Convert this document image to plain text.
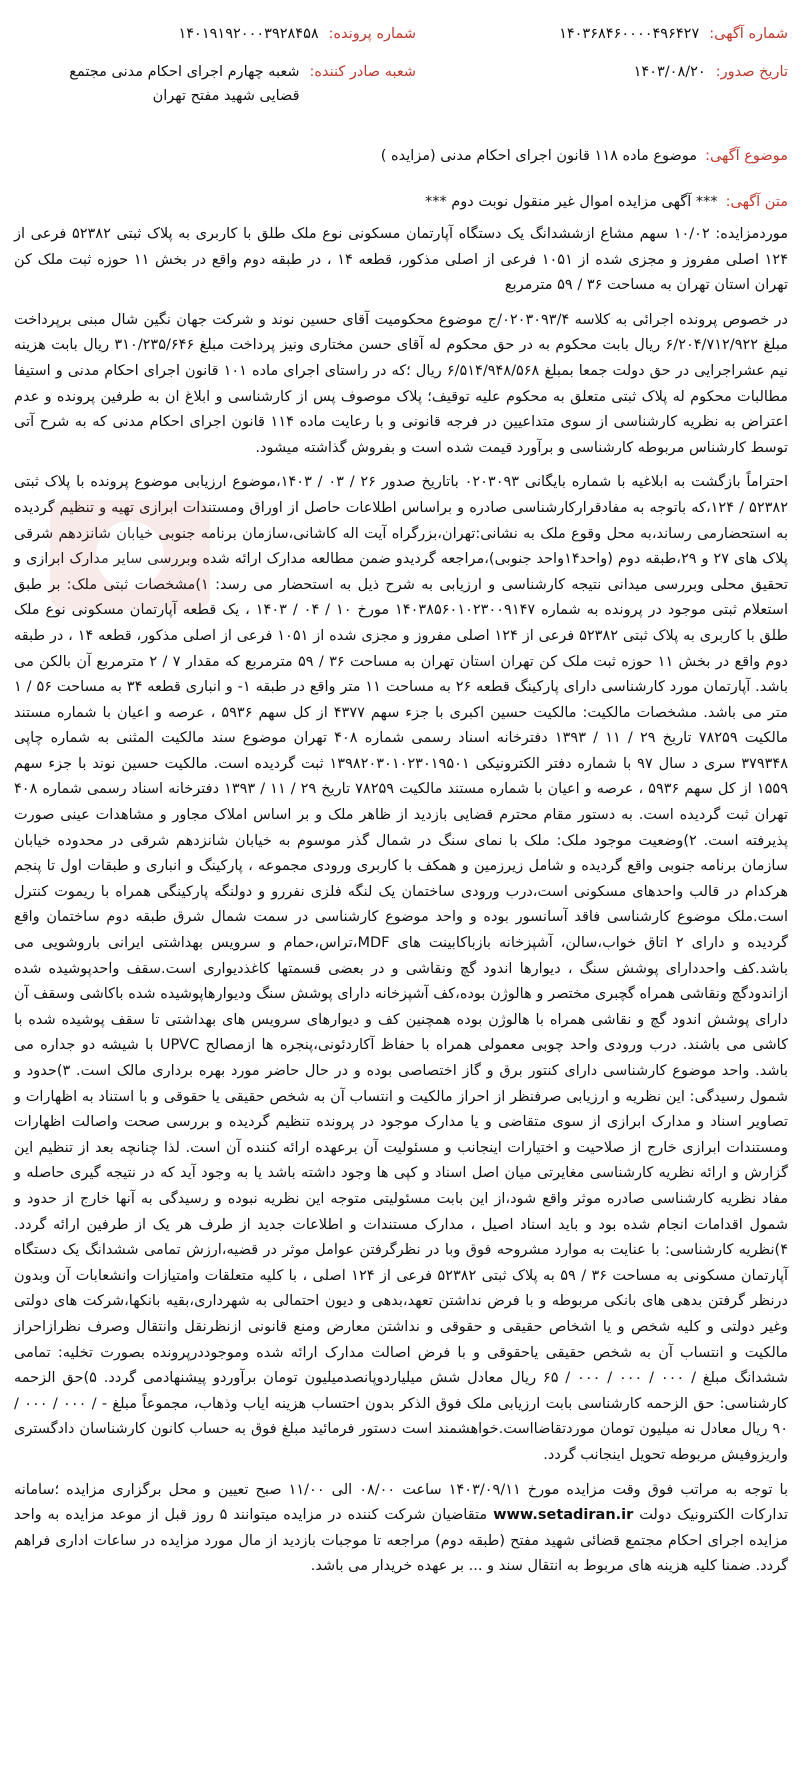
شماره آگهی:
۱۴۰۳۶۸۴۶۰۰۰۰۴۹۶۴۲۷
شماره پرونده:
۱۴۰۱۹۱۹۲۰۰۰۳۹۲۸۴۵۸
تاریخ صدور:
۱۴۰۳/۰۸/۲۰
شعبه صادر کننده:
شعبه چهارم اجرای احکام مدنی مجتمع قضایی شهید مفتح تهران
موضوع آگهی:
موضوع ماده ۱۱۸ قانون اجرای احکام مدنی (مزایده )
متن آگهی:
*** آگهی مزایده اموال غیر منقول نوبت دوم ***

موردمزایده: ۱۰/۰۲ سهم مشاع ازششدانگ یک دستگاه آپارتمان مسکونی نوع ملک طلق با کاربری به پلاک ثبتی ۵۲۳۸۲ فرعی از ۱۲۴ اصلی مفروز و مجزی شده از ۱۰۵۱ فرعی از اصلی مذکور، قطعه ۱۴ ، در طبقه دوم واقع در بخش ۱۱ حوزه ثبت ملک کن تهران استان تهران به مساحت ۳۶ / ۵۹ مترمربع

در خصوص پرونده اجرائی به کلاسه ۰۲۰۳۰۹۳/۴/ج موضوع محکومیت آقای حسین نوند و شرکت جهان نگین شال مبنی برپرداخت مبلغ ۶/۲۰۴/۷۱۲/۹۲۲ ریال بابت محکوم به در حق محکوم له آقای حسن مختاری ونیز پرداخت مبلغ ۳۱۰/۲۳۵/۶۴۶ ریال بابت هزینه نیم عشراجرایی در حق دولت جمعا بمبلغ ۶/۵۱۴/۹۴۸/۵۶۸ ریال ؛که در راستای اجرای ماده ۱۰۱ قانون اجرای احکام مدنی و استیفا مطالبات محکوم له پلاک ثبتی متعلق به محکوم علیه توقیف؛ پلاک موصوف پس از کارشناسی و ابلاغ ان به طرفین پرونده و عدم اعتراض به نظریه کارشناسی از سوی متداعیین در فرجه قانونی و با رعایت ماده ۱۱۴ قانون اجرای احکام مدنی که به شرح آتی توسط کارشناس مربوطه کارشناسی و برآورد قیمت شده است و بفروش گذاشته میشود.

احتراماً بازگشت به ابلاغیه با شماره بایگانی ۰۲۰۳۰۹۳ باتاریخ صدور ۲۶ / ۰۳ / ۱۴۰۳،موضوع ارزیابی موضوع پرونده با پلاک ثبتی ۵۲۳۸۲ / ۱۲۴،که باتوجه به مفادقرارکارشناسی صادره و براساس اطلاعات حاصل از اوراق ومستندات ابرازی تهیه و تنظیم گردیده به استحضارمی رساند،به محل وقوع ملک به نشانی:تهران،بزرگراه آیت اله کاشانی،سازمان برنامه جنوبی خیابان شانزدهم شرقی پلاک های ۲۷ و ۲۹،طبقه دوم (واحد۱۴واحد جنوبی)،مراجعه گردیدو ضمن مطالعه مدارک ارائه شده وبررسی سایر مدارک ابرازی و تحقیق محلی وبررسی میدانی نتیجه کارشناسی و ارزیابی به شرح ذیل به استحضار می رسد: ۱)مشخصات ثبتی ملک: بر طبق استعلام ثبتی موجود در پرونده به شماره ۱۴۰۳۸۵۶۰۱۰۲۳۰۰۹۱۴۷ مورخ ۱۰ / ۰۴ / ۱۴۰۳ ، یک قطعه آپارتمان مسکونی نوع ملک طلق با کاربری به پلاک ثبتی ۵۲۳۸۲ فرعی از ۱۲۴ اصلی مفروز و مجزی شده از ۱۰۵۱ فرعی از اصلی مذکور، قطعه ۱۴ ، در طبقه دوم واقع در بخش ۱۱ حوزه ثبت ملک کن تهران استان تهران به مساحت ۳۶ / ۵۹ مترمربع که مقدار ۷ / ۲ مترمربع آن بالکن می باشد. آپارتمان مورد کارشناسی دارای پارکینگ قطعه ۲۶ به مساحت ۱۱ متر واقع در طبقه ۱- و انباری قطعه ۳۴ به مساحت ۵۶ / ۱ متر می باشد. مشخصات مالکیت: مالکیت حسین اکبری با جزء سهم ۴۳۷۷ از کل سهم ۵۹۳۶ ، عرصه و اعیان با شماره مستند مالکیت ۷۸۲۵۹ تاریخ ۲۹ / ۱۱ / ۱۳۹۳ دفترخانه اسناد رسمی شماره ۴۰۸ تهران موضوع سند مالکیت المثنی به شماره چاپی ۳۷۹۳۴۸ سری د سال ۹۷ با شماره دفتر الکترونیکی ۱۳۹۸۲۰۳۰۱۰۲۳۰۱۹۵۰۱ ثبت گردیده است. مالکیت حسین نوند با جزء سهم ۱۵۵۹ از کل سهم ۵۹۳۶ ، عرصه و اعیان با شماره مستند مالکیت ۷۸۲۵۹ تاریخ ۲۹ / ۱۱ / ۱۳۹۳ دفترخانه اسناد رسمی شماره ۴۰۸ تهران ثبت گردیده است. به دستور مقام محترم قضایی بازدید از ظاهر ملک و بر اساس املاک مجاور و مشاهدات عینی صورت پذیرفته است. ۲)وضعیت موجود ملک: ملک با نمای سنگ در شمال گذر موسوم به خیابان شانزدهم شرقی در محدوده خیابان سازمان برنامه جنوبی واقع گردیده و شامل زیرزمین و همکف با کاربری ورودی مجموعه ، پارکینگ و انباری و طبقات اول تا پنجم هرکدام در قالب واحدهای مسکونی است،درب ورودی ساختمان یک لنگه فلزی نفررو و دولنگه پارکینگی همراه با ریموت کنترل است.ملک موضوع کارشناسی فاقد آسانسور بوده و واحد موضوع کارشناسی در سمت شمال شرق طبقه دوم ساختمان واقع گردیده و دارای ۲ اتاق خواب،سالن، آشپزخانه بازباکابینت های MDF،تراس،حمام و سرویس بهداشتی ایرانی باروشویی می باشد.کف واحددارای پوشش سنگ ، دیوارها اندود گچ ونقاشی و در بعضی قسمتها کاغذدیواری است.سقف واحدپوشیده شده ازاندودگچ ونقاشی همراه گچبری مختصر و هالوژن بوده،کف آشپزخانه دارای پوشش سنگ ودیوارهاپوشیده شده باکاشی وسقف آن دارای پوشش اندود گچ و نقاشی همراه با هالوژن بوده همچنین کف و دیوارهای سرویس های بهداشتی تا سقف پوشیده شده با کاشی می باشند. درب ورودی واحد چوبی معمولی همراه با حفاظ آکاردئونی،پنجره ها ازمصالح UPVC با شیشه دو جداره می باشد. واحد موضوع کارشناسی دارای کنتور برق و گاز اختصاصی بوده و در حال حاضر مورد بهره برداری مالک است. ۳)حدود و شمول رسیدگی: این نظریه و ارزیابی صرفنظر از احراز مالکیت و انتساب آن به شخص حقیقی یا حقوقی و با استناد به اظهارات و تصاویر اسناد و مدارک ابرازی از سوی متقاضی و یا مدارک موجود در پرونده تنظیم گردیده و بررسی صحت واصالت اظهارات ومستندات ابرازی خارج از صلاحیت و اختیارات اینجانب و مسئولیت آن برعهده ارائه کننده آن است. لذا چنانچه بعد از تنظیم این گزارش و ارائه نظریه کارشناسی مغایرتی میان اصل اسناد و کپی ها وجود داشته باشد یا به وجود آید که در نتیجه گیری حاصله و مفاد نظریه کارشناسی صادره موثر واقع شود،از این بابت مسئولیتی متوجه این نظریه نبوده و رسیدگی به آنها خارج از حدود و شمول اقدامات انجام شده بود و باید اسناد اصیل ، مدارک مستندات و اطلاعات جدید از طرف هر یک از طرفین ارائه گردد. ۴)نظریه کارشناسی: با عنایت به موارد مشروحه فوق وبا در نظرگرفتن عوامل موثر در قضیه،ارزش تمامی ششدانگ یک دستگاه آپارتمان مسکونی به مساحت ۳۶ / ۵۹ به پلاک ثبتی ۵۲۳۸۲ فرعی از ۱۲۴ اصلی ، با کلیه متعلقات وامتیازات وانشعابات آن وبدون درنظر گرفتن بدهی های بانکی مربوطه و با فرض نداشتن تعهد،بدهی و دیون احتمالی به شهرداری،بقیه بانکها،شرکت های دولتی وغیر دولتی و کلیه شخص و یا اشخاص حقیقی و حقوقی و نداشتن معارض ومنع قانونی ازنظرنقل وانتقال وصرف نظرازاحراز مالکیت و انتساب آن به شخص حقیقی یاحقوقی و با فرض اصالت مدارک ارائه شده وموجوددرپرونده بصورت تخلیه: تمامی ششدانگ مبلغ / ۰۰۰ / ۰۰۰ / ۰۰۰ / ۶۵ ریال معادل شش میلیاردوپانصدمیلیون تومان برآوردو پیشنهادمی گردد. ۵)حق الزحمه کارشناسی: حق الزحمه کارشناسی بابت ارزیابی ملک فوق الذکر بدون احتساب هزینه ایاب وذهاب، مجموعاً مبلغ - / ۰۰۰ / ۰۰۰ / ۹۰ ریال معادل نه میلیون تومان موردتقاضااست.خواهشمند است دستور فرمائید مبلغ فوق به حساب کانون کارشناسان دادگستری واریزوفیش مربوطه تحویل اینجانب گردد.

با توجه به مراتب فوق وقت مزایده مورخ ۱۴۰۳/۰۹/۱۱ ساعت ۰۸/۰۰ الی ۱۱/۰۰ صبح تعیین و محل برگزاری مزایده ؛سامانه تدارکات الکترونیک دولت www.setadiran.ir متقاضیان شرکت کننده در مزایده میتوانند ۵ روز قبل از موعد مزایده به واحد مزایده اجرای احکام مجتمع قضائی شهید مفتح (طبقه دوم) مراجعه تا موجبات بازدید از مال مورد مزایده در ساعات اداری فراهم گردد. ضمنا کلیه هزینه های مربوط به انتقال سند و ... بر عهده خریدار می باشد.
